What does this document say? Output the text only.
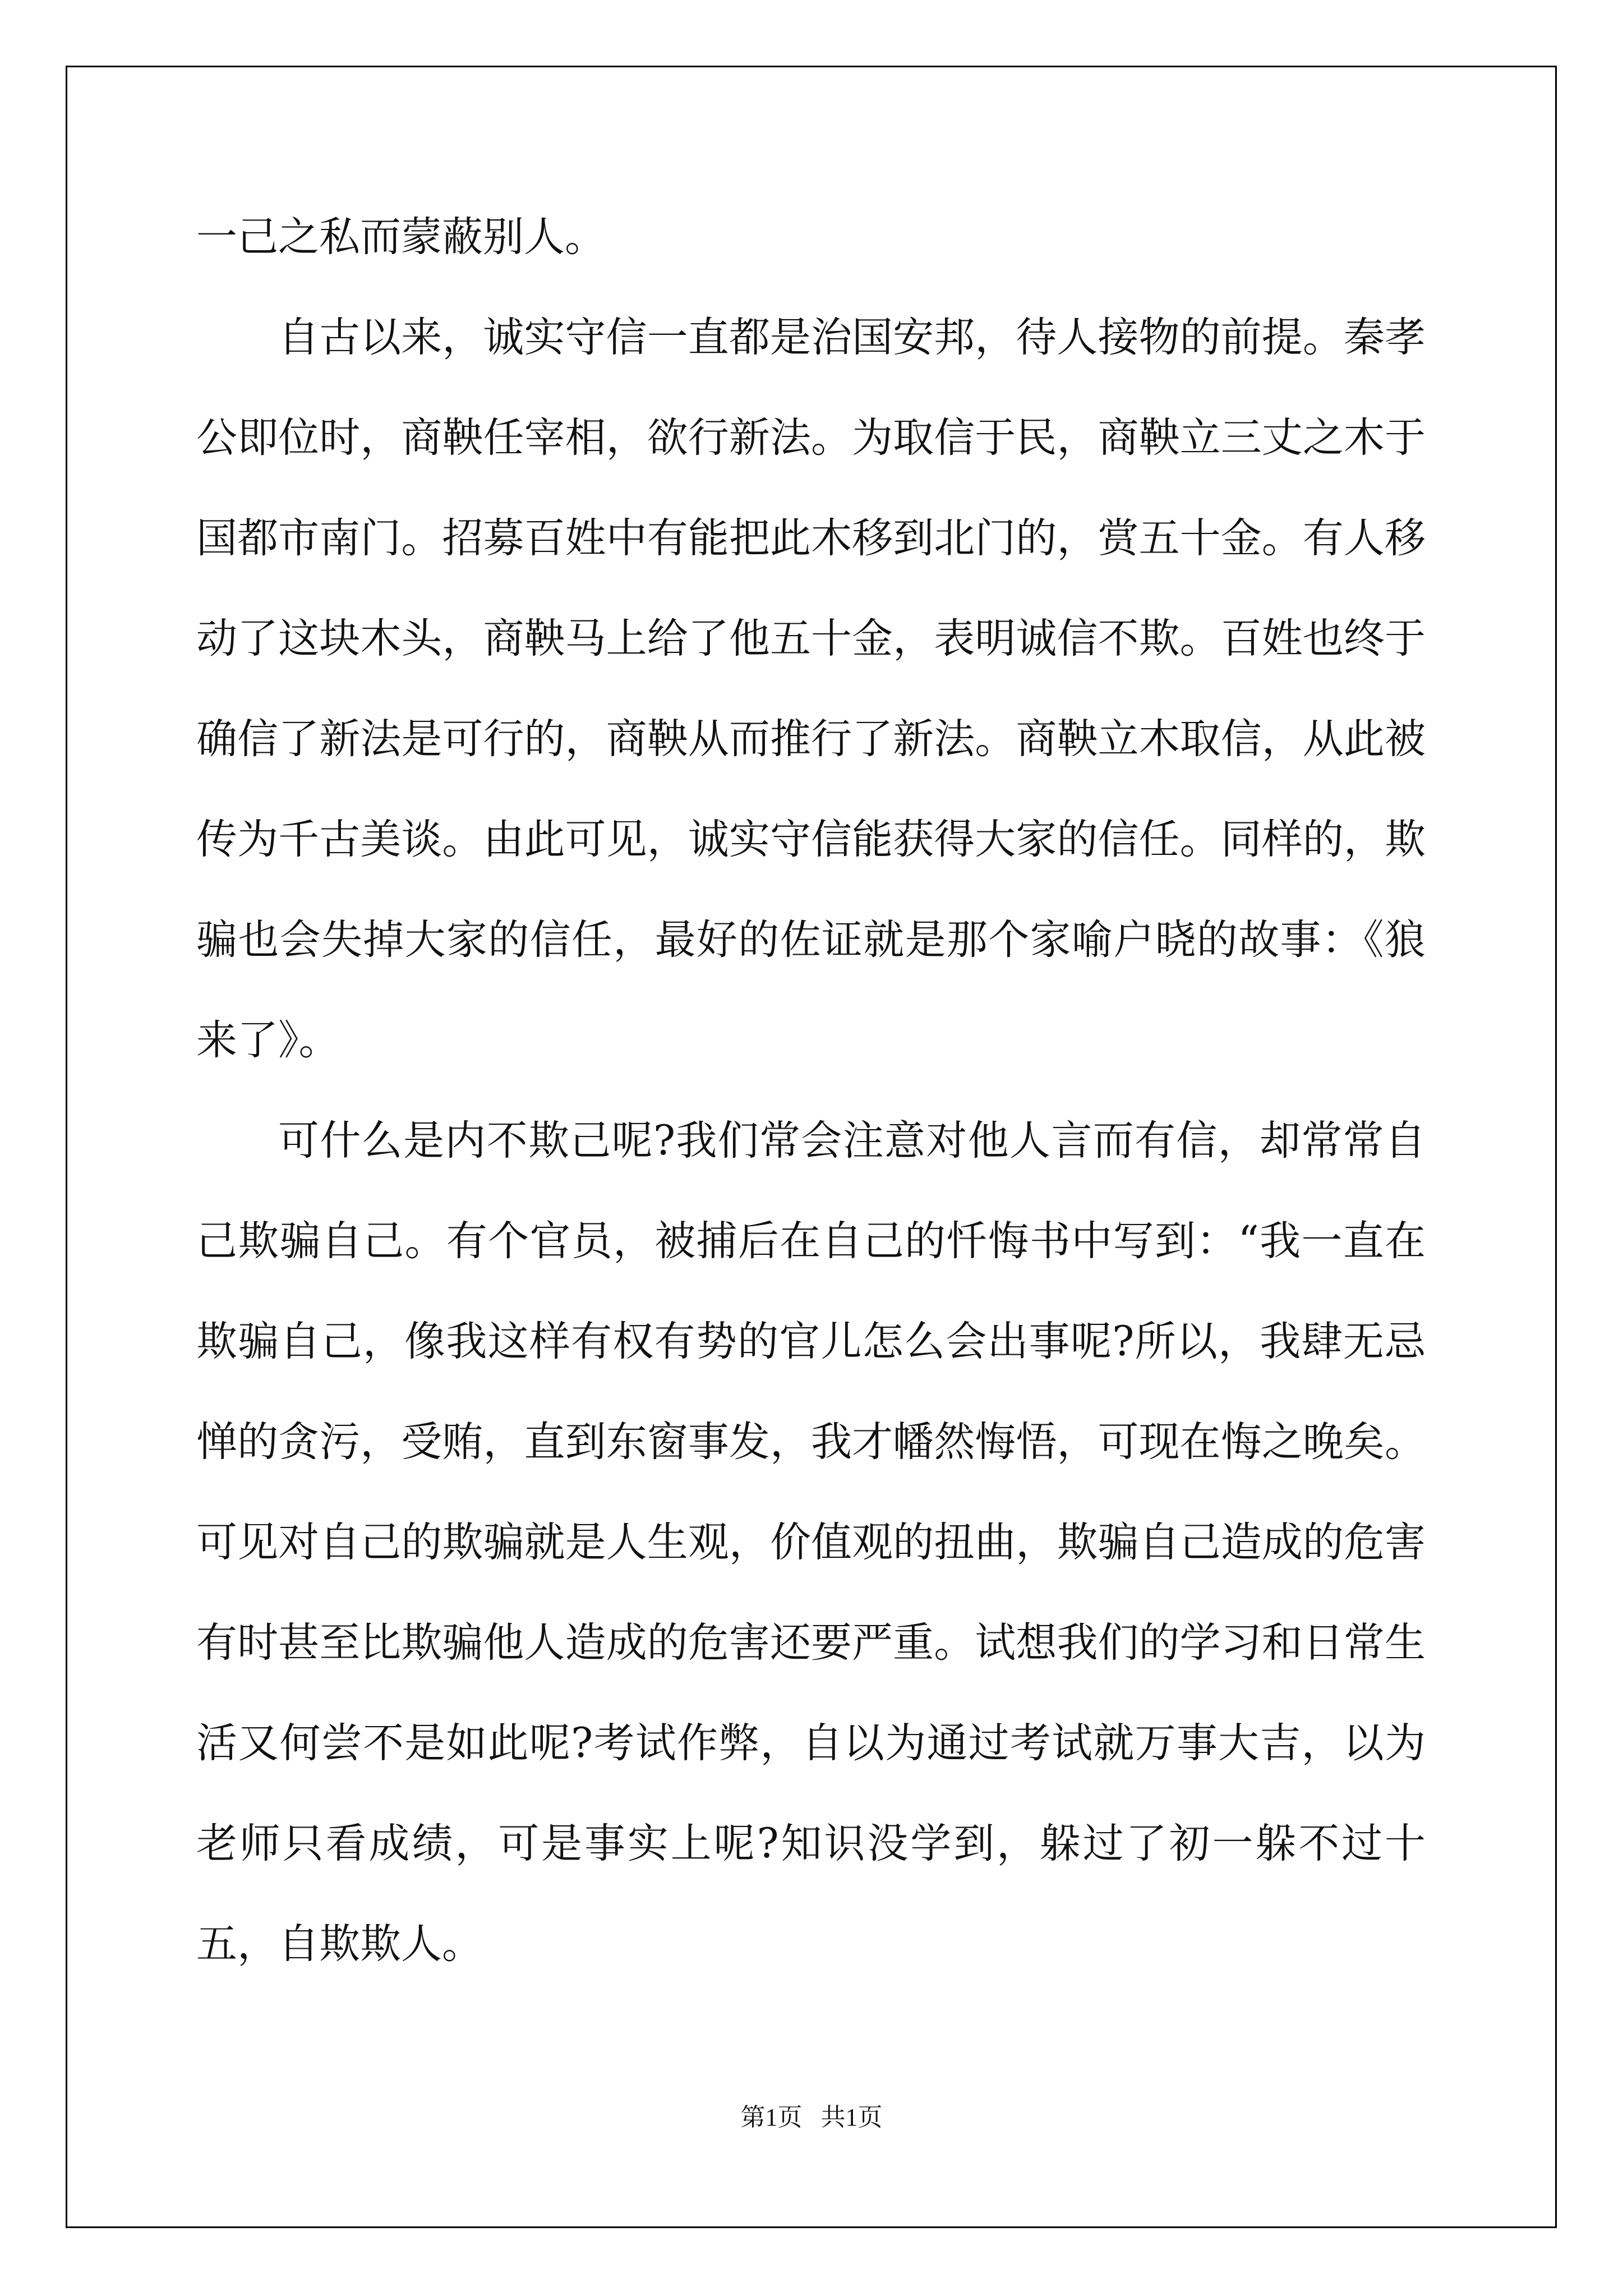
一己之私而蒙蔽别人。

自古以来，诚实守信一直都是治国安邦，待人接物的前提。秦孝公即位时，商鞅任宰相，欲行新法。为取信于民，商鞅立三丈之木于国都市南门。招募百姓中有能把此木移到北门的，赏五十金。有人移动了这块木头，商鞅马上给了他五十金，表明诚信不欺。百姓也终于确信了新法是可行的，商鞅从而推行了新法。商鞅立木取信，从此被传为千古美谈。由此可见，诚实守信能获得大家的信任。同样的，欺骗也会失掉大家的信任，最好的佐证就是那个家喻户晓的故事：《狼来了》。

可什么是内不欺己呢?我们常会注意对他人言而有信，却常常自己欺骗自己。有个官员，被捕后在自己的忏悔书中写到：“我一直在欺骗自己，像我这样有权有势的官儿怎么会出事呢?所以，我肆无忌惮的贪污，受贿，直到东窗事发，我才幡然悔悟，可现在悔之晚矣。可见对自己的欺骗就是人生观，价值观的扭曲，欺骗自己造成的危害有时甚至比欺骗他人造成的危害还要严重。试想我们的学习和日常生活又何尝不是如此呢?考试作弊，自以为通过考试就万事大吉，以为老师只看成绩，可是事实上呢?知识没学到，躲过了初一躲不过十五，自欺欺人。

第1页 共1页
